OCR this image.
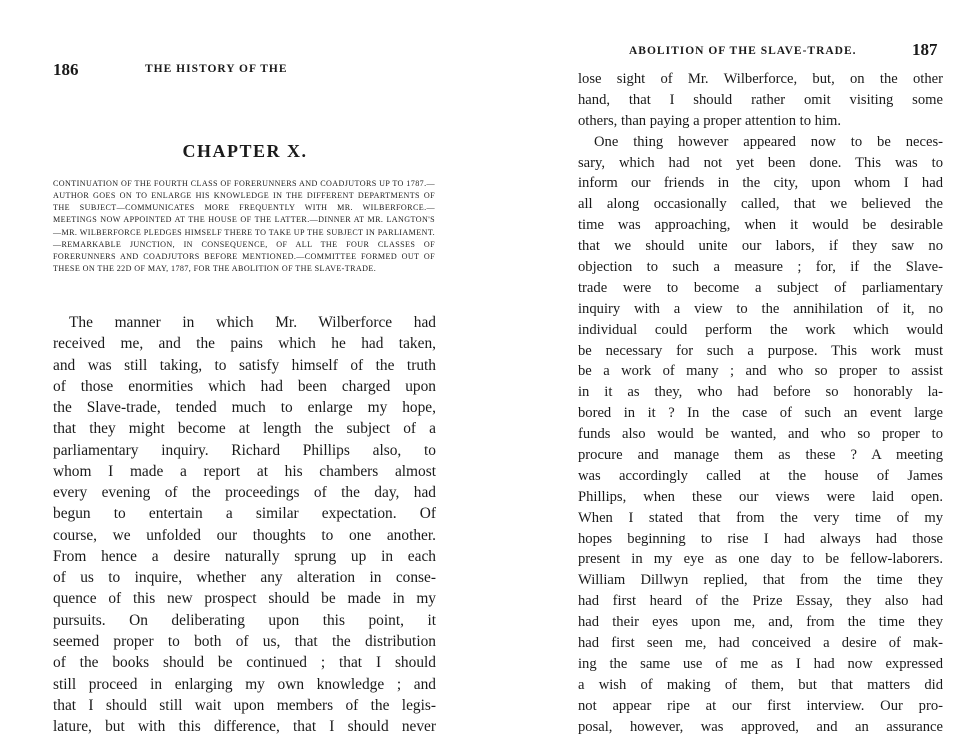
186	THE HISTORY OF THE
CHAPTER X.
CONTINUATION OF THE FOURTH CLASS OF FORERUNNERS AND COADJUTORS UP TO 1787.—AUTHOR GOES ON TO ENLARGE HIS KNOWLEDGE IN THE DIFFERENT DEPARTMENTS OF THE SUBJECT—COMMUNICATES MORE FREQUENTLY WITH MR. WILBERFORCE.—MEETINGS NOW APPOINTED AT THE HOUSE OF THE LATTER.—DINNER AT MR. LANGTON'S —MR. WILBERFORCE PLEDGES HIMSELF THERE TO TAKE UP THE SUBJECT IN PARLIAMENT.—REMARKABLE JUNCTION, IN CONSEQUENCE, OF ALL THE FOUR CLASSES OF FORERUNNERS AND COADJUTORS BEFORE MENTIONED.—COMMITTEE FORMED OUT OF THESE ON THE 22D OF MAY, 1787, FOR THE ABOLITION OF THE SLAVE-TRADE.
The manner in which Mr. Wilberforce had
received me, and the pains which he had taken,
and was still taking, to satisfy himself of the truth
of those enormities which had been charged upon
the Slave-trade, tended much to enlarge my hope,
that they might become at length the subject of a
parliamentary inquiry. Richard Phillips also, to
whom I made a report at his chambers almost
every evening of the proceedings of the day, had
begun to entertain a similar expectation. Of
course, we unfolded our thoughts to one another.
From hence a desire naturally sprung up in each
of us to inquire, whether any alteration in conse-
quence of this new prospect should be made in my
pursuits. On deliberating upon this point, it
seemed proper to both of us, that the distribution
of the books should be continued ; that I should
still proceed in enlarging my own knowledge ; and
that I should still wait upon members of the legis-
lature, but with this difference, that I should never
ABOLITION OF THE SLAVE-TRADE.	187
lose sight of Mr. Wilberforce, but, on the other
hand, that I should rather omit visiting some
others, than paying a proper attention to him.
One thing however appeared now to be neces-
sary, which had not yet been done. This was to
inform our friends in the city, upon whom I had
all along occasionally called, that we believed the
time was approaching, when it would be desirable
that we should unite our labors, if they saw no
objection to such a measure ; for, if the Slave-
trade were to become a subject of parliamentary
inquiry with a view to the annihilation of it, no
individual could perform the work which would
be necessary for such a purpose. This work must
be a work of many ; and who so proper to assist
in it as they, who had before so honorably la-
bored in it ? In the case of such an event large
funds also would be wanted, and who so proper to
procure and manage them as these ? A meeting
was accordingly called at the house of James
Phillips, when these our views were laid open.
When I stated that from the very time of my
hopes beginning to rise I had always had those
present in my eye as one day to be fellow-laborers.
William Dillwyn replied, that from the time they
had first heard of the Prize Essay, they also had
had their eyes upon me, and, from the time they
had first seen me, had conceived a desire of mak-
ing the same use of me as I had now expressed
a wish of making of them, but that matters did
not appear ripe at our first interview. Our pro-
posal, however, was approved, and an assurance
